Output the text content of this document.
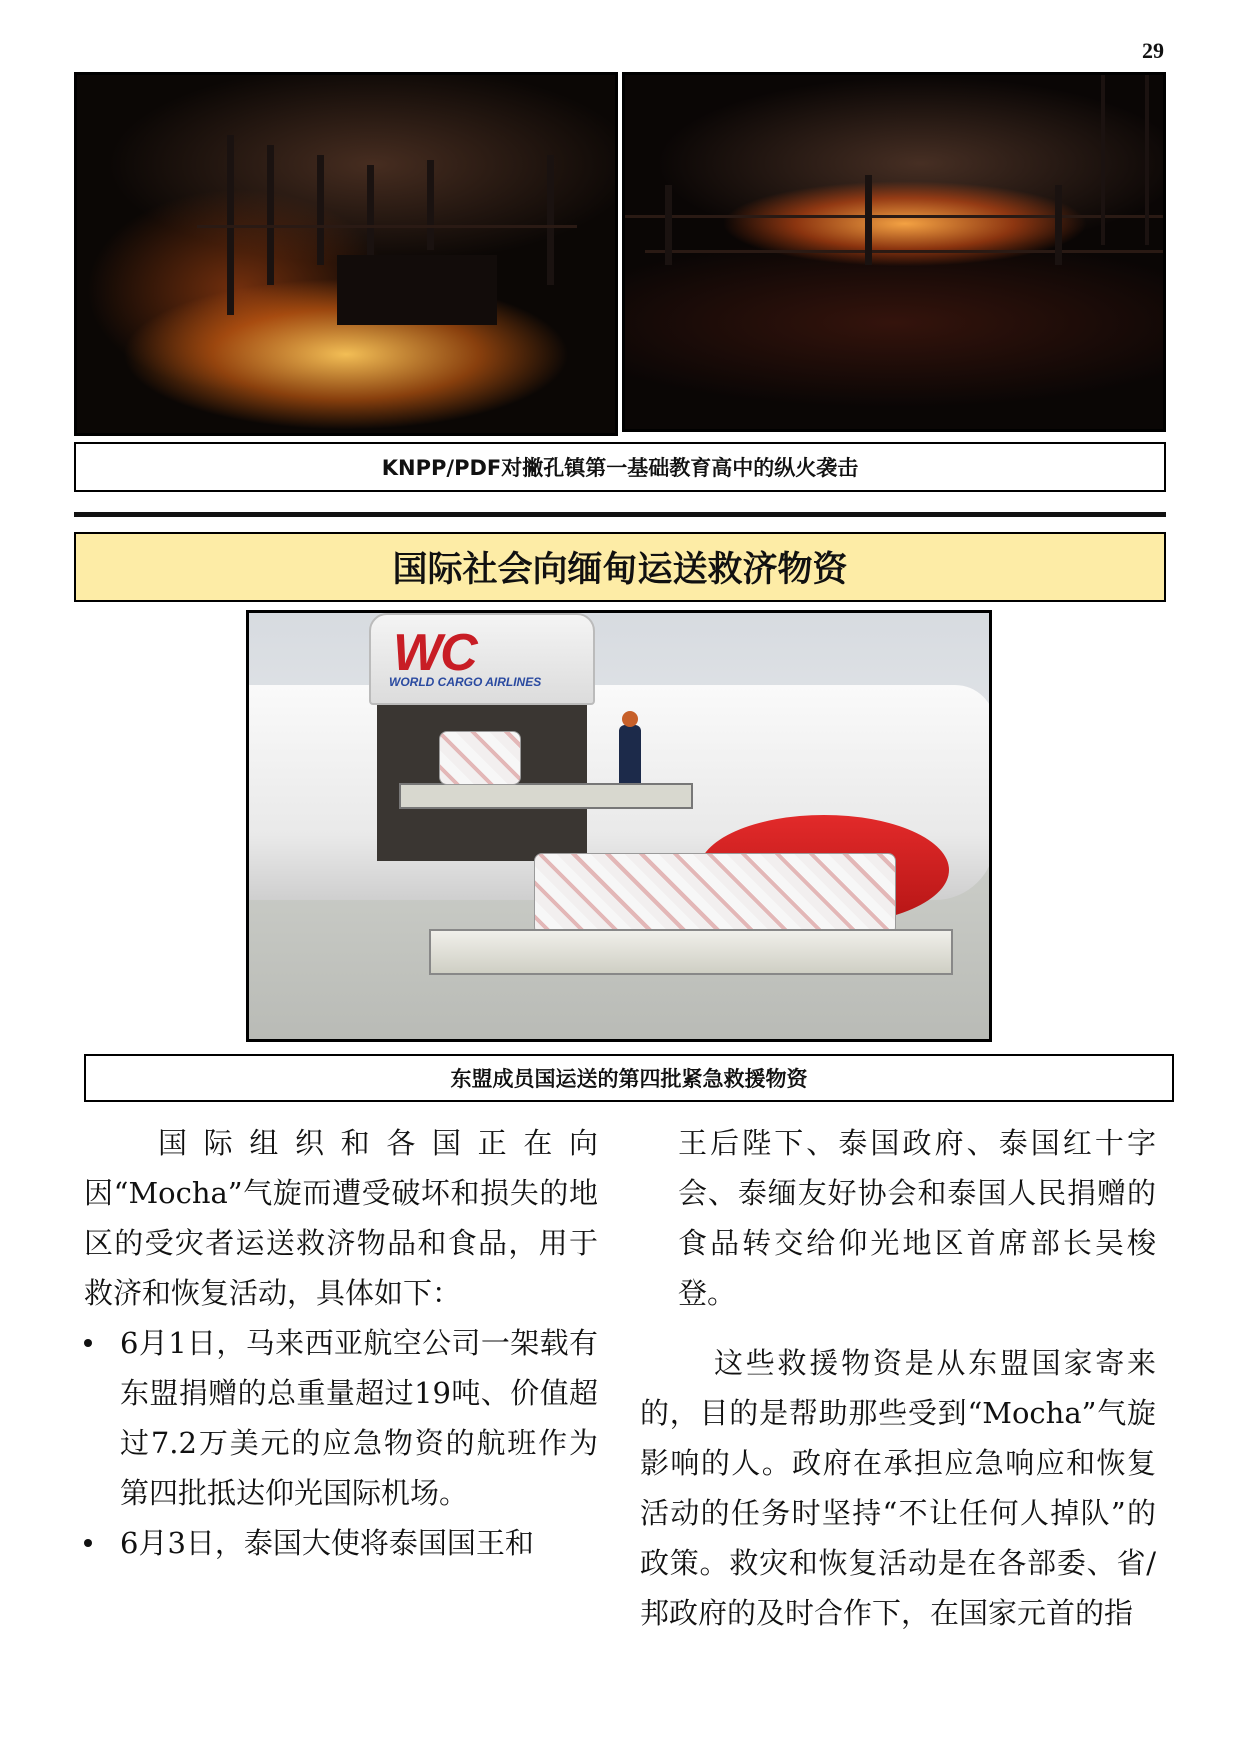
29
KNPP/PDF对撇孔镇第一基础教育高中的纵火袭击
国际社会向缅甸运送救济物资
WC
WORLD CARGO AIRLINES
东盟成员国运送的第四批紧急救援物资
国际组织和各国正在向因“Mocha”气旋而遭受破坏和损失的地区的受灾者运送救济物品和食品，用于救济和恢复活动，具体如下：
6月1日，马来西亚航空公司一架载有东盟捐赠的总重量超过19吨、价值超过7.2万美元的应急物资的航班作为第四批抵达仰光国际机场。
6月3日，泰国大使将泰国国王和
王后陛下、泰国政府、泰国红十字会、泰缅友好协会和泰国人民捐赠的食品转交给仰光地区首席部长吴梭登。
这些救援物资是从东盟国家寄来的，目的是帮助那些受到“Mocha”气旋影响的人。政府在承担应急响应和恢复活动的任务时坚持“不让任何人掉队”的政策。救灾和恢复活动是在各部委、省/邦政府的及时合作下，在国家元首的指
